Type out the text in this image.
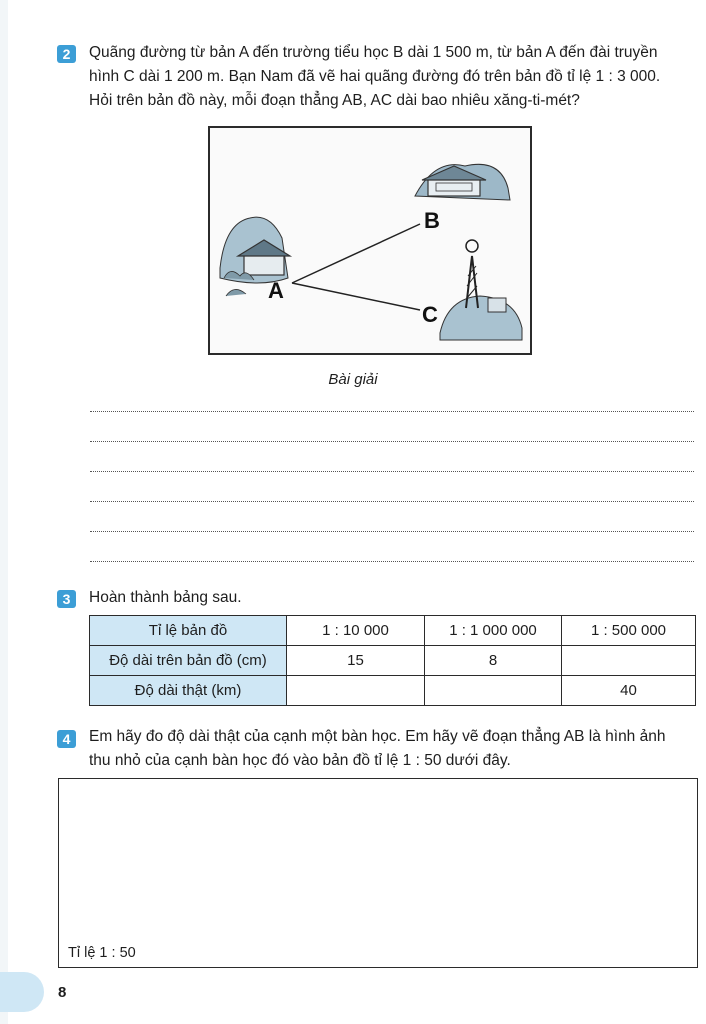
2	Quãng đường từ bản A đến trường tiểu học B dài 1 500 m, từ bản A đến đài truyền
hình C dài 1 200 m. Bạn Nam đã vẽ hai quãng đường đó trên bản đồ tỉ lệ 1 : 3 000.
Hỏi trên bản đồ này, mỗi đoạn thẳng AB, AC dài bao nhiêu xăng-ti-mét?
A
B
C
Bài giải
3	Hoàn thành bảng sau.
Tỉ lệ bản đồ	1 : 10 000	1 : 1 000 000	1 : 500 000
Độ dài trên bản đồ (cm)	15	8	
Độ dài thật (km)			40
4	Em hãy đo độ dài thật của cạnh một bàn học. Em hãy vẽ đoạn thẳng AB là hình ảnh
thu nhỏ của cạnh bàn học đó vào bản đồ tỉ lệ 1 : 50 dưới đây.
Tỉ lệ 1 : 50
8
